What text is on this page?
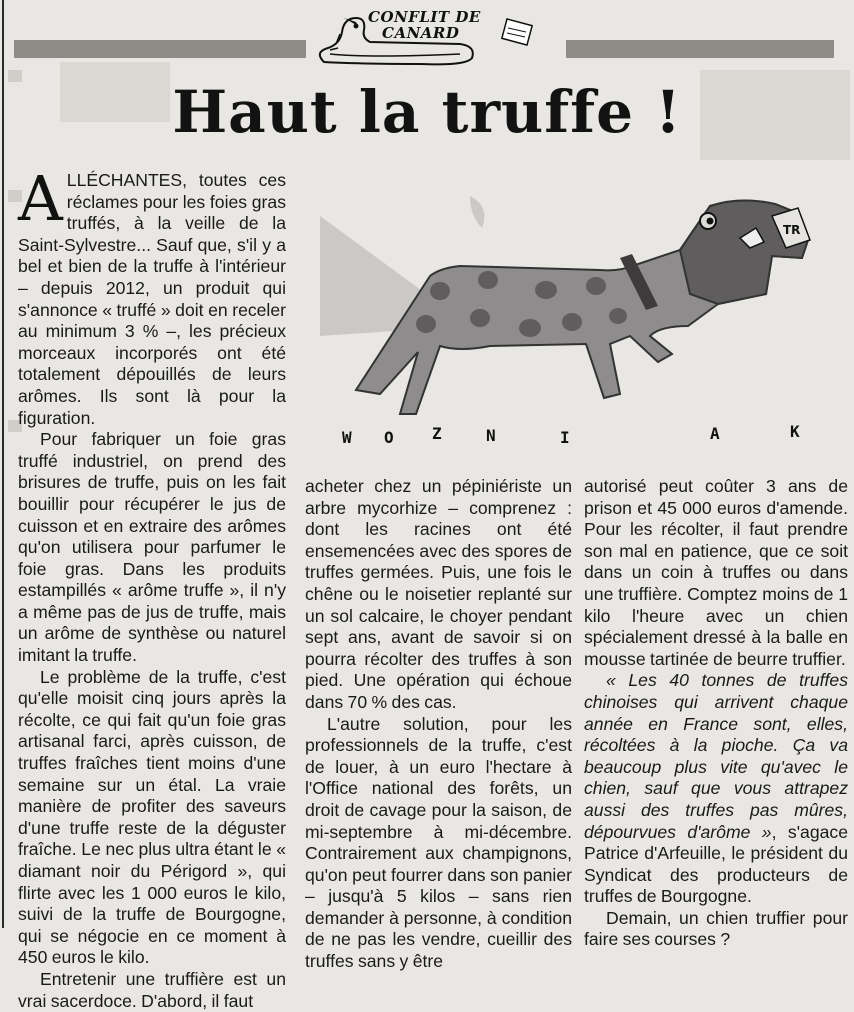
CONFLIT DE
CANARD
Haut la truffe !

ALLÉCHANTES, toutes ces réclames pour les foies gras truffés, à la veille de la Saint-Sylvestre... Sauf que, s'il y a bel et bien de la truffe à l'intérieur – depuis 2012, un produit qui s'annonce « truffé » doit en receler au minimum 3 % –, les précieux morceaux incorporés ont été totalement dépouillés de leurs arômes. Ils sont là pour la figuration.

Pour fabriquer un foie gras truffé industriel, on prend des brisures de truffe, puis on les fait bouillir pour récupérer le jus de cuisson et en extraire des arômes qu'on utilisera pour parfumer le foie gras. Dans les produits estampillés « arôme truffe », il n'y a même pas de jus de truffe, mais un arôme de synthèse ou naturel imitant la truffe.

Le problème de la truffe, c'est qu'elle moisit cinq jours après la récolte, ce qui fait qu'un foie gras artisanal farci, après cuisson, de truffes fraîches tient moins d'une semaine sur un étal. La vraie manière de profiter des saveurs d'une truffe reste de la déguster fraîche. Le nec plus ultra étant le « diamant noir du Périgord », qui flirte avec les 1 000 euros le kilo, suivi de la truffe de Bourgogne, qui se négocie en ce moment à 450 euros le kilo.

Entretenir une truffière est un vrai sacerdoce. D'abord, il faut

acheter chez un pépiniériste un arbre mycorhize – comprenez : dont les racines ont été ensemencées avec des spores de truffes germées. Puis, une fois le chêne ou le noisetier replanté sur un sol calcaire, le choyer pendant sept ans, avant de savoir si on pourra récolter des truffes à son pied. Une opération qui échoue dans 70 % des cas.

L'autre solution, pour les professionnels de la truffe, c'est de louer, à un euro l'hectare à l'Office national des forêts, un droit de cavage pour la saison, de mi-septembre à mi-décembre. Contrairement aux champignons, qu'on peut fourrer dans son panier – jusqu'à 5 kilos – sans rien demander à personne, à condition de ne pas les vendre, cueillir des truffes sans y être

autorisé peut coûter 3 ans de prison et 45 000 euros d'amende. Pour les récolter, il faut prendre son mal en patience, que ce soit dans un coin à truffes ou dans une truffière. Comptez moins de 1 kilo l'heure avec un chien spécialement dressé à la balle en mousse tartinée de beurre truffier.

« Les 40 tonnes de truffes chinoises qui arrivent chaque année en France sont, elles, récoltées à la pioche. Ça va beaucoup plus vite qu'avec le chien, sauf que vous attrapez aussi des truffes pas mûres, dépourvues d'arôme », s'agace Patrice d'Arfeuille, le président du Syndicat des producteurs de truffes de Bourgogne.

Demain, un chien truffier pour faire ses courses ?

TR
W O Z	N	I	A	K
